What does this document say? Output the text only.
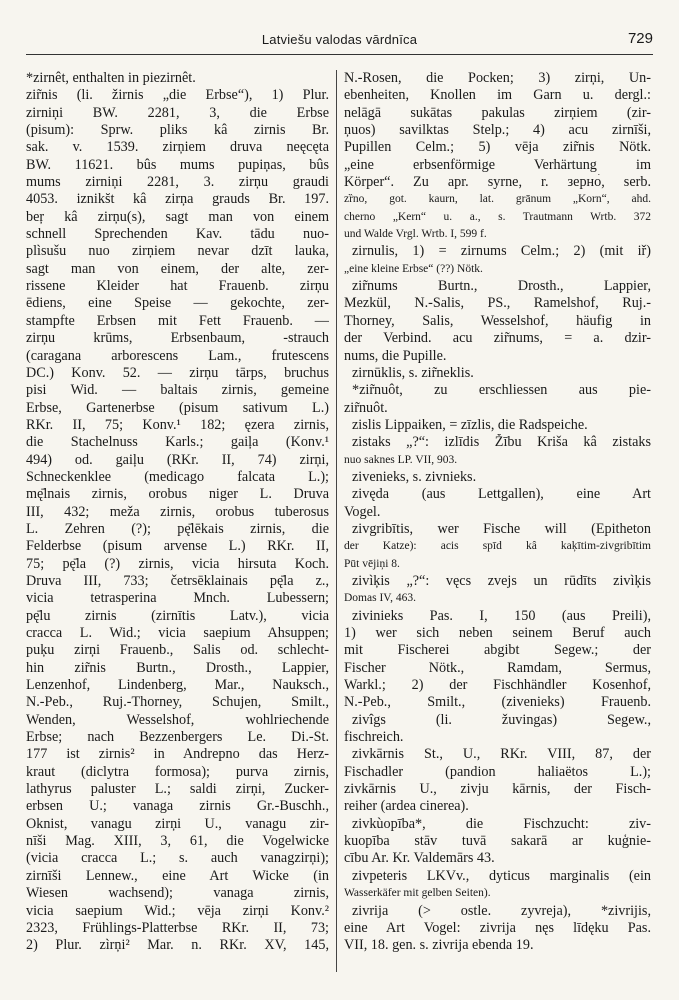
Latviešu valodas vārdnīca	729
*zirnêt, enthalten in piezirnêt.
zir̃nis (li. žirnis „die Erbse“), 1) Plur.
zirniņi BW. 2281, 3, die Erbse
(pisum): Sprw. pliks kâ zirnis Br.
sak. v. 1539. zirņiem druva neęcęta
BW. 11621. bûs mums pupiņas, bûs
mums zirniņi 2281, 3. zirņu graudi
4053. izniks̆t kâ zirņa grauds Br. 197.
beŗ kâ zirņu(s), sagt man von einem
schnell Sprechenden Kav. tādu nuo-
plìsušu nuo zirņiem nevar dzīt lauka,
sagt man von einem, der alte, zer-
rissene Kleider hat Frauenb. zirņu
ēdiens, eine Speise — gekochte, zer-
stampfte Erbsen mit Fett Frauenb. —
zirņu krūms, Erbsenbaum, -strauch
(caragana arborescens Lam., frutescens
DC.) Konv. 52. — zirņu tārps, bruchus
pisi Wid. — baltais zirnis, gemeine
Erbse, Gartenerbse (pisum sativum L.)
RKr. II, 75; Konv.¹ 182; ęzera zirnis,
die Stachelnuss Karls.; gaiļa (Konv.¹
494) od. gaiļu (RKr. II, 74) zirņi,
Schneckenklee (medicago falcata L.);
mę̄lnais zirnis, orobus niger L. Druva
III, 432; meža zirnis, orobus tuberosus
L. Zehren (?); pę̄lēkais zirnis, die
Felderbse (pisum arvense L.) RKr. II,
75; pę̄la (?) zirnis, vicia hirsuta Koch.
Druva III, 733; četrsēklainais pę̄la z.,
vicia tetrasperina Mnch. Lubessern;
pę̄lu zirnis (zirnītis Latv.), vicia
cracca L. Wid.; vicia saepium Ahsuppen;
puķu zirņi Frauenb., Salis od. schlecht-
hin zir̃nis Burtn., Drosth., Lappier,
Lenzenhof, Lindenberg, Mar., Nauksch.,
N.-Peb., Ruj.-Thorney, Schujen, Smilt.,
Wenden, Wesselshof, wohlriechende
Erbse; nach Bezzenbergers Le. Di.-St.
177 ist zirnis² in Andrepno das Herz-
kraut (diclytra formosa); purva zirnis,
lathyrus paluster L.; saldi zirņi, Zucker-
erbsen U.; vanaga zirnis Gr.-Buschh.,
Oknist, vanagu zirņi U., vanagu zir-
nīši Mag. XIII, 3, 61, die Vogelwicke
(vicia cracca L.; s. auch vanagzirņi);
zirnīši Lennew., eine Art Wicke (in
Wiesen wachsend); vanaga zirnis,
vicia saepium Wid.; vēja zirņi Konv.²
2323, Frühlings-Platterbse RKr. II, 73;
2) Plur. zìrņi² Mar. n. RKr. XV, 145,
N.-Rosen, die Pocken; 3) zirņi, Un-
ebenheiten, Knollen im Garn u. dergl.:
nelāgā sukātas pakulas zirņiem (zir-
ņuos) savilktas Stelp.; 4) acu zirnīši,
Pupillen Celm.; 5) vēja zir̃nis Nötk.
„eine erbsenförmige Verhärtung im
Körper“. Zu apr. syrne, r. зерно́, serb.
zȑno, got. kaurn, lat. grānum „Korn“, ahd.
cherno „Kern“ u. a., s. Trautmann Wrtb. 372
und Walde Vrgl. Wrtb. I, 599 f.
zirnulis, 1) = zirnums Celm.; 2) (mit iř)
„eine kleine Erbse“ (??) Nötk.
zir̃nums Burtn., Drosth., Lappier,
Mezkül, N.-Salis, PS., Ramelshof, Ruj.-
Thorney, Salis, Wesselshof, häufig in
der Verbind. acu zir̃nums, = a. dzir-
nums, die Pupille.
zirnūklis, s. zir̃neklis.
*zir̃nuôt, zu erschliessen aus pie-
zir̃nuôt.
zislis Lippaiken, = zīzlis, die Radspeiche.
zistaks „?“: izlīdis Žību Kriša kâ zistaks
nuo saknes LP. VII, 903.
zivenieks, s. zivnieks.
zivęda (aus Lettgallen), eine Art
Vogel.
zivgribītis, wer Fische will (Epitheton
der Katze): acis spīd kâ kaķītim-zivgribītim
Pūt vējiņi 8.
zivìķis „?“: vęcs zvejs un rūdīts zivìķis
Domas IV, 463.
zivinieks Pas. I, 150 (aus Preili),
1) wer sich neben seinem Beruf auch
mit Fischerei abgibt Segew.; der
Fischer Nötk., Ramdam, Sermus,
Warkl.; 2) der Fischhändler Kosenhof,
N.-Peb., Smilt., (zivenieks) Frauenb.
zivîgs (li. žuvingas) Segew.,
fischreich.
zivkārnis St., U., RKr. VIII, 87, der
Fischadler (pandion haliaëtos L.);
zivkārnis U., zivju kārnis, der Fisch-
reiher (ardea cinerea).
zivkùopība*, die Fischzucht: ziv-
kuopība stāv tuvā sakarā ar kuģnie-
cību Ar. Kr. Valdemārs 43.
zivpeteris LKVv., dyticus marginalis (ein
Wasserkäfer mit gelben Seiten).
zivrija (> ostle. zyvreja), *zivrijis,
eine Art Vogel: zivrija nęs līdęku Pas.
VII, 18. gen. s. zivrija ebenda 19.
